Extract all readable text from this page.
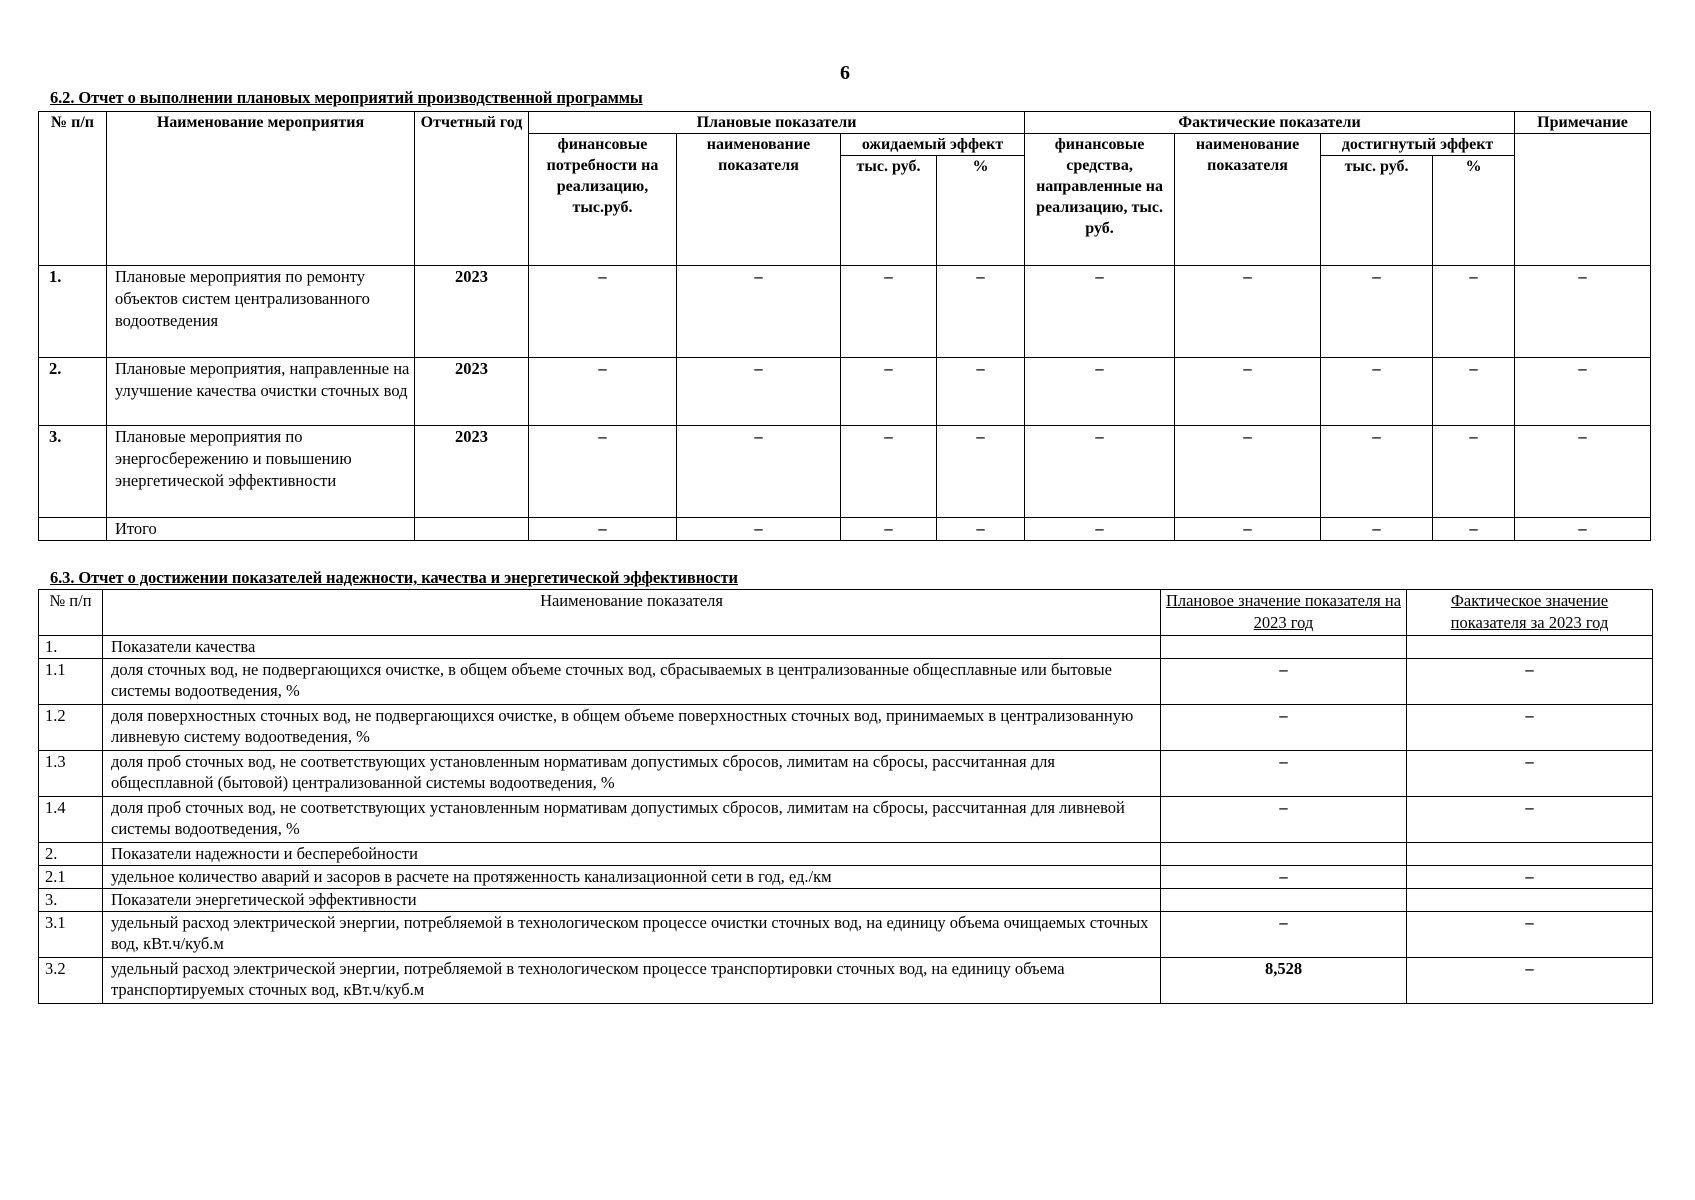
6
6.2. Отчет о выполнении плановых мероприятий производственной программы
№ п/п	Наименование мероприятия	Отчетный год	Плановые показатели				Фактические показатели				Примечание
			финансовые потребности на реализацию, тыс.руб.	наименование показателя	ожидаемый эффект		финансовые средства, направленные на реализацию, тыс. руб.	наименование показателя	достигнутый эффект		
					тыс. руб.	%			тыс. руб.	%	
1.	Плановые мероприятия по ремонту объектов систем централизованного водоотведения	2023	–	–	–	–	–	–	–	–	–
2.	Плановые мероприятия, направленные на улучшение качества очистки сточных вод	2023	–	–	–	–	–	–	–	–	–
3.	Плановые мероприятия по энергосбережению и повышению энергетической эффективности	2023	–	–	–	–	–	–	–	–	–
	Итого		–	–	–	–	–	–	–	–	–
6.3. Отчет о достижении показателей надежности, качества и энергетической эффективности
№ п/п	Наименование показателя	Плановое значение показателя на 2023 год	Фактическое значение показателя за 2023 год
1.	Показатели качества		
1.1	доля сточных вод, не подвергающихся очистке, в общем объеме сточных вод, сбрасываемых в централизованные общесплавные или бытовые системы водоотведения, %	–	–
1.2	доля поверхностных сточных вод, не подвергающихся очистке, в общем объеме поверхностных сточных вод, принимаемых в централизованную ливневую систему водоотведения, %	–	–
1.3	доля проб сточных вод, не соответствующих установленным нормативам допустимых сбросов, лимитам на сбросы, рассчитанная для общесплавной (бытовой) централизованной системы водоотведения, %	–	–
1.4	доля проб сточных вод, не соответствующих установленным нормативам допустимых сбросов, лимитам на сбросы, рассчитанная для ливневой системы водоотведения, %	–	–
2.	Показатели надежности и бесперебойности		
2.1	удельное количество аварий и засоров в расчете на протяженность канализационной сети в год, ед./км	–	–
3.	Показатели энергетической эффективности		
3.1	удельный расход электрической энергии, потребляемой в технологическом процессе очистки сточных вод, на единицу объема очищаемых сточных вод, кВт.ч/куб.м	–	–
3.2	удельный расход электрической энергии, потребляемой в технологическом процессе транспортировки сточных вод, на единицу объема транспортируемых сточных вод, кВт.ч/куб.м	8,528	–
